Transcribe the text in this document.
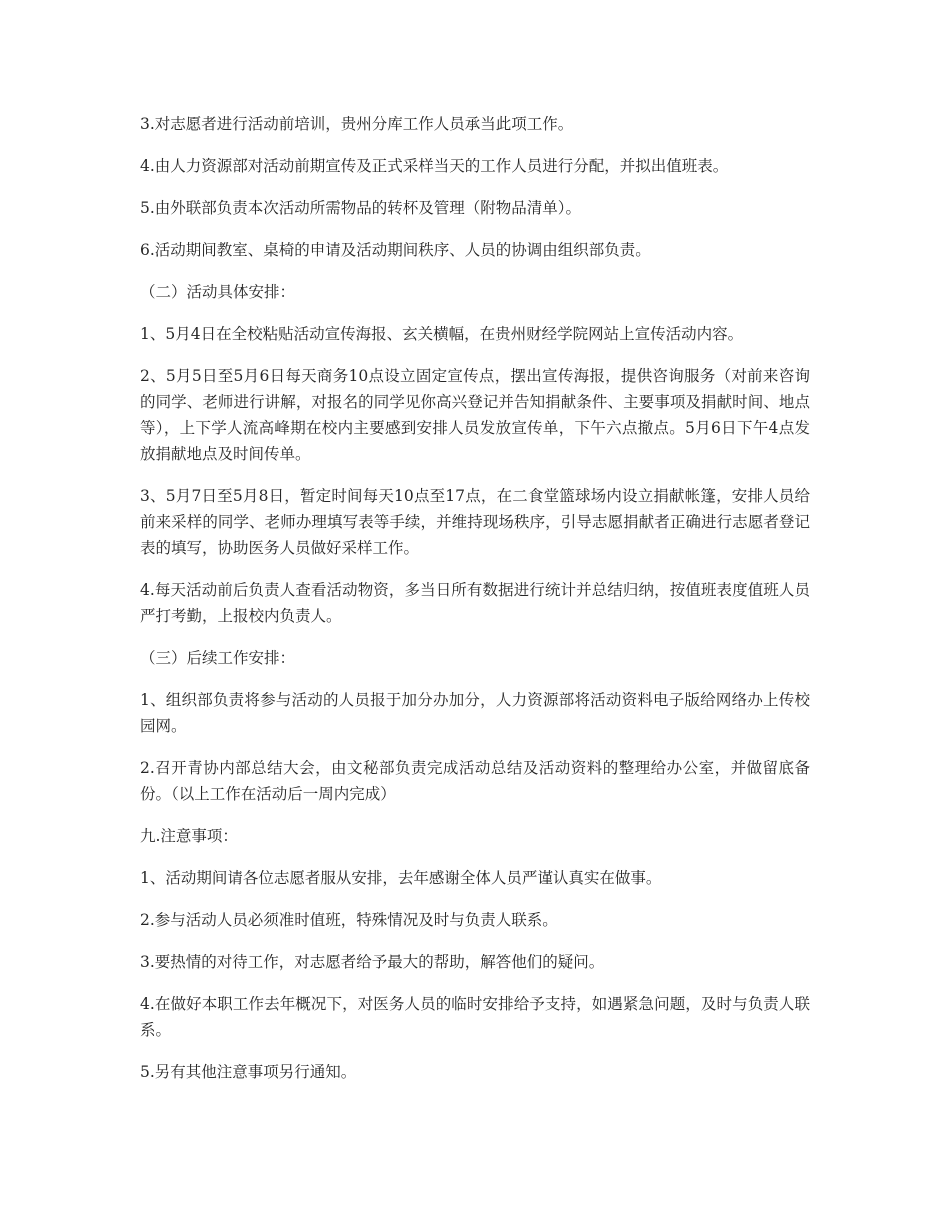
3.对志愿者进行活动前培训，贵州分库工作人员承当此项工作。

4.由人力资源部对活动前期宣传及正式采样当天的工作人员进行分配，并拟出值班表。

5.由外联部负责本次活动所需物品的转杯及管理（附物品清单）。

6.活动期间教室、桌椅的申请及活动期间秩序、人员的协调由组织部负责。

（二）活动具体安排：

1、5月4日在全校粘贴活动宣传海报、玄关横幅，在贵州财经学院网站上宣传活动内容。

2、5月5日至5月6日每天商务10点设立固定宣传点，摆出宣传海报，提供咨询服务（对前来咨询的同学、老师进行讲解，对报名的同学见你高兴登记并告知捐献条件、主要事项及捐献时间、地点等），上下学人流高峰期在校内主要感到安排人员发放宣传单，下午六点撤点。5月6日下午4点发放捐献地点及时间传单。

3、5月7日至5月8日，暂定时间每天10点至17点，在二食堂篮球场内设立捐献帐篷，安排人员给前来采样的同学、老师办理填写表等手续，并维持现场秩序，引导志愿捐献者正确进行志愿者登记表的填写，协助医务人员做好采样工作。

4.每天活动前后负责人查看活动物资，多当日所有数据进行统计并总结归纳，按值班表度值班人员严打考勤，上报校内负责人。

（三）后续工作安排：

1、组织部负责将参与活动的人员报于加分办加分，人力资源部将活动资料电子版给网络办上传校园网。

2.召开青协内部总结大会，由文秘部负责完成活动总结及活动资料的整理给办公室，并做留底备份。（以上工作在活动后一周内完成）

九.注意事项：

1、活动期间请各位志愿者服从安排，去年感谢全体人员严谨认真实在做事。

2.参与活动人员必须准时值班，特殊情况及时与负责人联系。

3.要热情的对待工作，对志愿者给予最大的帮助，解答他们的疑问。

4.在做好本职工作去年概况下，对医务人员的临时安排给予支持，如遇紧急问题，及时与负责人联系。

5.另有其他注意事项另行通知。
